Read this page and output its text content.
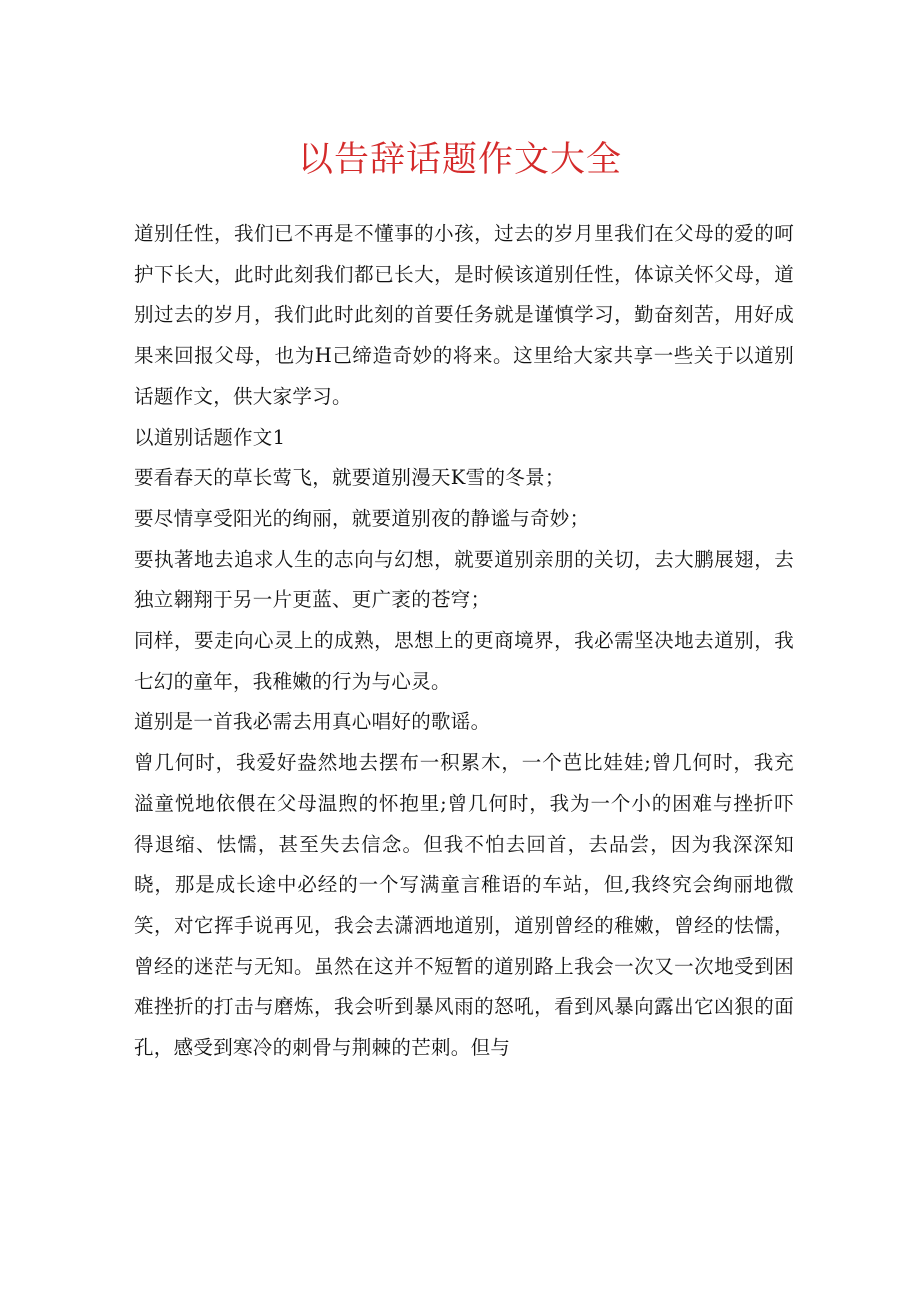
以告辞话题作文大全

道别任性，我们已不再是不懂事的小孩，过去的岁月里我们在父母的爱的呵护下长大，此时此刻我们都已长大，是时候该道别任性，体谅关怀父母，道别过去的岁月，我们此时此刻的首要任务就是谨慎学习，勤奋刻苦，用好成果来回报父母，也为H己缔造奇妙的将来。这里给大家共享一些关于以道别话题作文，供大家学习。

以道别话题作文1

要看春天的草长莺飞，就要道别漫天K雪的冬景；

要尽情享受阳光的绚丽，就要道别夜的静谧与奇妙；

要执著地去追求人生的志向与幻想，就要道别亲朋的关切，去大鹏展翅，去独立翱翔于另一片更蓝、更广袤的苍穹；

同样，要走向心灵上的成熟，思想上的更商境界，我必需坚决地去道别，我七幻的童年，我稚嫩的行为与心灵。

道别是一首我必需去用真心唱好的歌谣。

曾几何时，我爱好盎然地去摆布一积累木，一个芭比娃娃;曾几何时，我充溢童悦地依偎在父母温煦的怀抱里;曾几何时，我为一个小的困难与挫折吓得退缩、怯懦，甚至失去信念。但我不怕去回首，去品尝，因为我深深知晓，那是成长途中必经的一个写满童言稚语的车站，但,我终究会绚丽地微笑，对它挥手说再见，我会去潇洒地道别，道别曾经的稚嫩，曾经的怯懦，曾经的迷茫与无知。虽然在这并不短暂的道别路上我会一次又一次地受到困难挫折的打击与磨炼，我会听到暴风雨的怒吼，看到风暴向露出它凶狠的面孔，感受到寒冷的刺骨与荆棘的芒刺。但与
